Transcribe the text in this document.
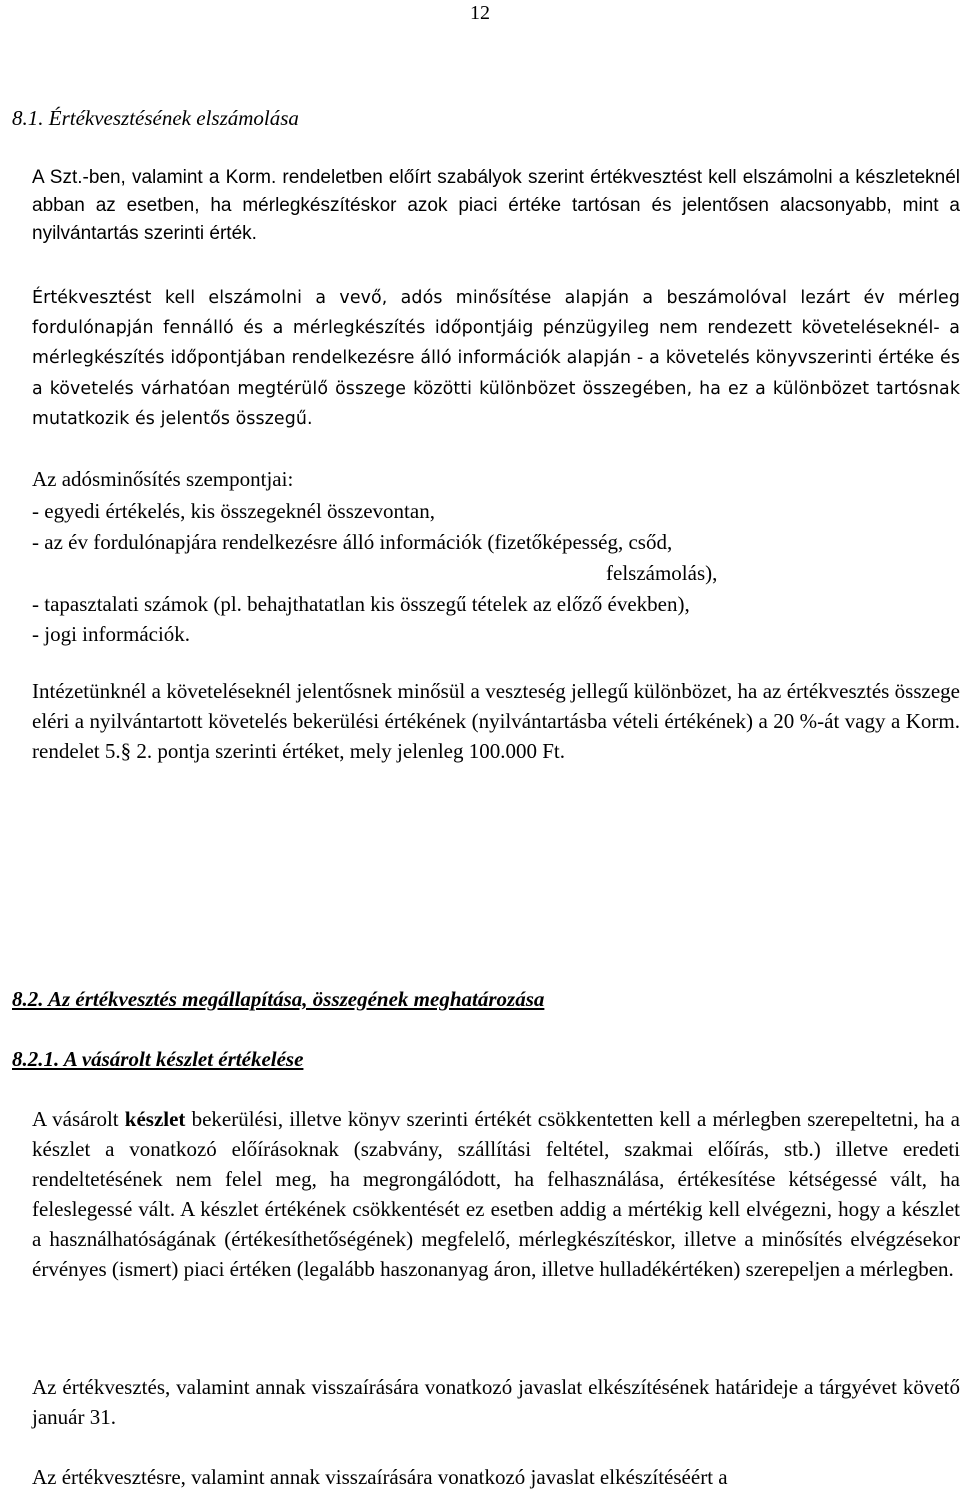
12
8.1. Értékvesztésének elszámolása
A Szt.-ben, valamint a Korm. rendeletben előírt szabályok szerint értékvesztést kell elszámolni a készleteknél abban az esetben, ha mérlegkészítéskor azok piaci értéke tartósan és jelentősen alacsonyabb, mint a nyilvántartás szerinti érték.
Értékvesztést kell elszámolni a vevő, adós minősítése alapján a beszámolóval lezárt év mérleg fordulónapján fennálló és a mérlegkészítés időpontjáig pénzügyileg nem rendezett követeléseknél- a mérlegkészítés időpontjában rendelkezésre álló információk alapján - a követelés könyvszerinti értéke és a követelés várhatóan megtérülő összege közötti különbözet összegében, ha ez a különbözet tartósnak mutatkozik és jelentős összegű.
Az adósminősítés szempontjai:
- egyedi értékelés, kis összegeknél összevontan,
- az év fordulónapjára rendelkezésre álló információk (fizetőképesség, csőd,
felszámolás),
- tapasztalati számok (pl. behajthatatlan kis összegű tételek az előző években),
- jogi információk.
Intézetünknél a követeléseknél jelentősnek minősül a veszteség jellegű különbözet, ha az értékvesztés összege eléri a nyilvántartott követelés bekerülési értékének (nyilvántartásba vételi értékének) a 20 %-át vagy a Korm. rendelet 5.§ 2. pontja szerinti értéket, mely jelenleg 100.000 Ft.
8.2. Az értékvesztés megállapítása, összegének meghatározása
8.2.1. A vásárolt készlet értékelése
A vásárolt készlet bekerülési, illetve könyv szerinti értékét csökkentetten kell a mérlegben szerepeltetni, ha a készlet a vonatkozó előírásoknak (szabvány, szállítási feltétel, szakmai előírás, stb.) illetve eredeti rendeltetésének nem felel meg, ha megrongálódott, ha felhasználása, értékesítése kétségessé vált, ha feleslegessé vált. A készlet értékének csökkentését ez esetben addig a mértékig kell elvégezni, hogy a készlet a használhatóságának (értékesíthetőségének) megfelelő, mérlegkészítéskor, illetve a minősítés elvégzésekor érvényes (ismert) piaci értéken (legalább haszonanyag áron, illetve hulladékértéken) szerepeljen a mérlegben.
Az értékvesztés, valamint annak visszaírására vonatkozó javaslat elkészítésének határideje a tárgyévet követő január 31.
Az értékvesztésre, valamint annak visszaírására vonatkozó javaslat elkészítéséért a
